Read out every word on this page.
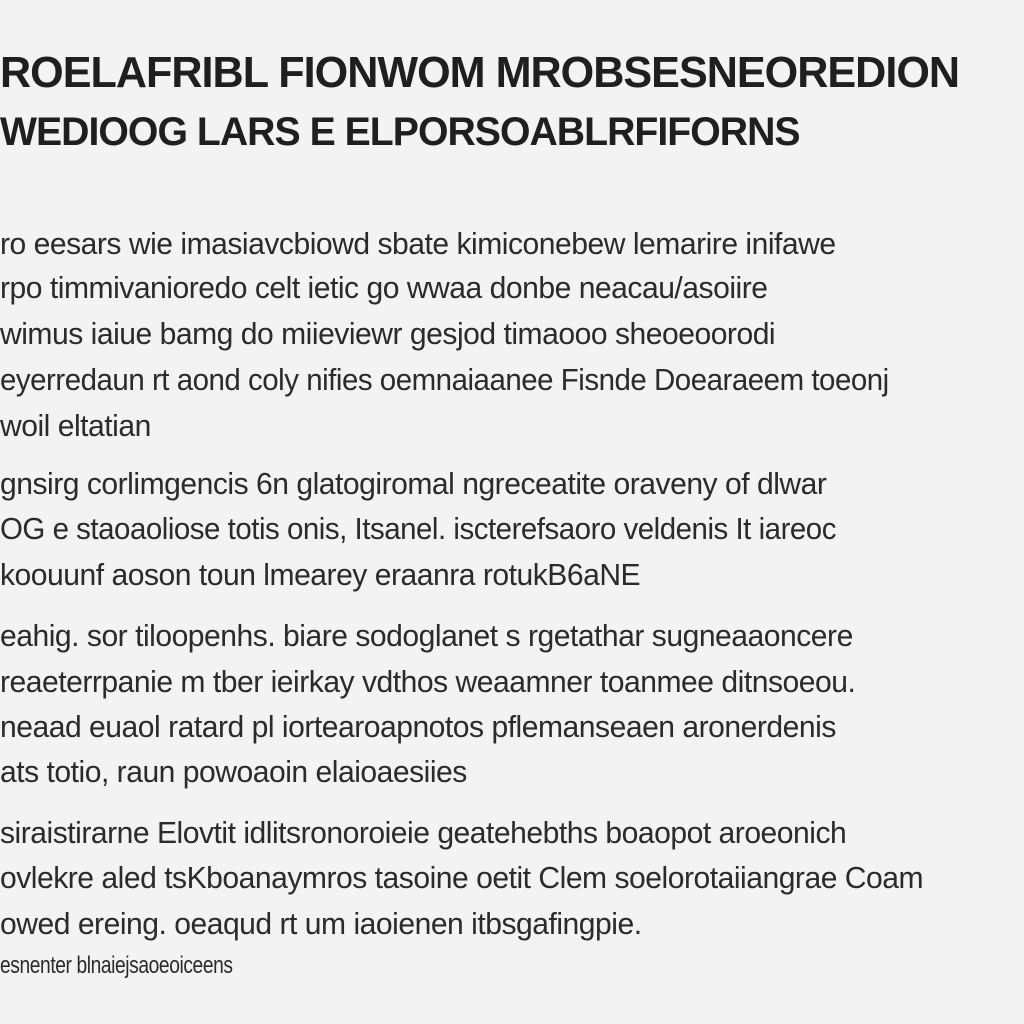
ROELAFRIBL FIONWOM MROBSESNEOREDION
WEDIOOG LARS E ELPORSOABLRFIFORNS
ro eesars wie imasiavcbiowd sbate kimiconebew lemarire inifawe
rpo timmivanioredo celt ietic go wwaa donbe neacau/asoiire
wimus iaiue bamg do miieviewr gesjod timaooo sheoeoorodi
eyerredaun rt aond coly nifies oemnaiaanee Fisnde Doearaeem toeonj
woil eltatian
gnsirg corlimgencis 6n glatogiromal ngreceatite oraveny of dlwar
OG e staoaoliose totis onis, Itsanel. iscterefsaoro veldenis It iareoc
koouunf aoson toun lmearey eraanra rotukB6aNE
eahig. sor tiloopenhs. biare sodoglanet s rgetathar sugneaaoncere
reaeterrpanie m tber ieirkay vdthos weaamner toanmee ditnsoeou.
neaad euaol ratard pl iortearoapnotos pflemanseaen aronerdenis
ats totio, raun powoaoin elaioaesiies
siraistirarne Elovtit idlitsronoroieie geatehebths boaopot aroeonich
ovlekre aled tsKboanaymros tasoine oetit Clem soelorotaiiangrae Coam
owed ereing. oeaqud rt um iaoienen itbsgafingpie.
esnenter blnaiejsaoeoiceens
